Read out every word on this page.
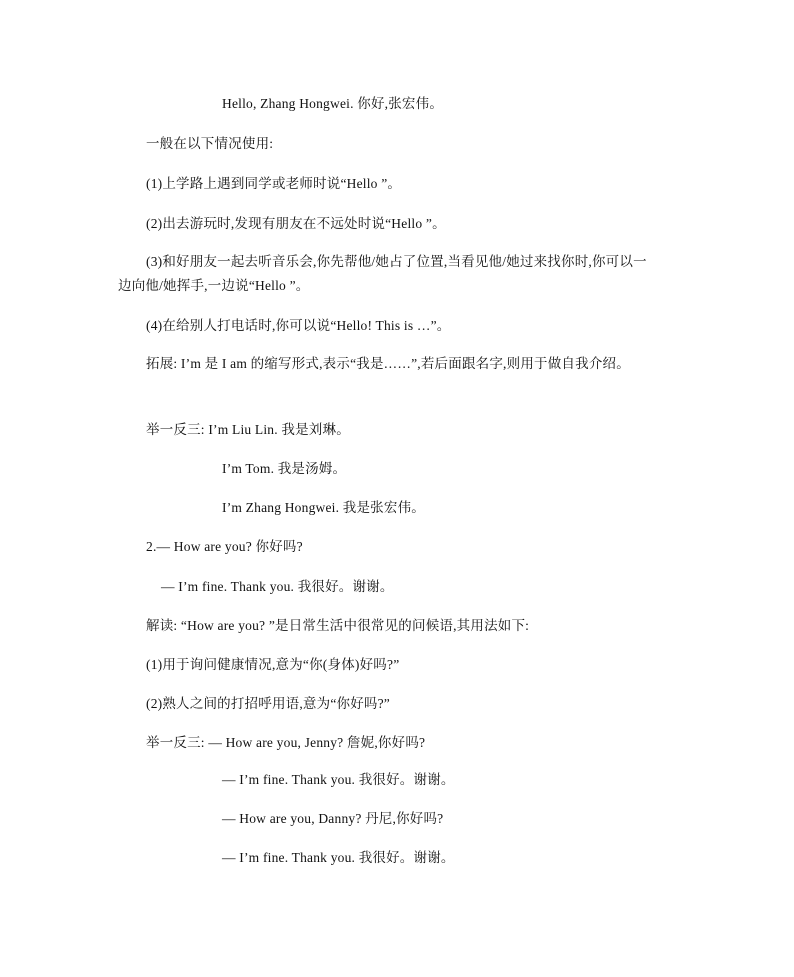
Hello, Zhang Hongwei. 你好,张宏伟。
一般在以下情况使用:
(1)上学路上遇到同学或老师时说“Hello ”。
(2)出去游玩时,发现有朋友在不远处时说“Hello ”。
(3)和好朋友一起去听音乐会,你先帮他/她占了位置,当看见他/她过来找你时,你可以一边向他/她挥手,一边说“Hello ”。
(4)在给别人打电话时,你可以说“Hello! This is …”。
拓展: I’m 是 I am 的缩写形式,表示“我是……”,若后面跟名字,则用于做自我介绍。
举一反三: I’m Liu Lin. 我是刘琳。
I’m Tom. 我是汤姆。
I’m Zhang Hongwei. 我是张宏伟。
2.— How are you? 你好吗?
— I’m fine. Thank you. 我很好。谢谢。
解读: “How are you? ”是日常生活中很常见的问候语,其用法如下:
(1)用于询问健康情况,意为“你(身体)好吗?”
(2)熟人之间的打招呼用语,意为“你好吗?”
举一反三: — How are you, Jenny? 詹妮,你好吗?
— I’m fine. Thank you. 我很好。谢谢。
— How are you, Danny? 丹尼,你好吗?
— I’m fine. Thank you. 我很好。谢谢。
